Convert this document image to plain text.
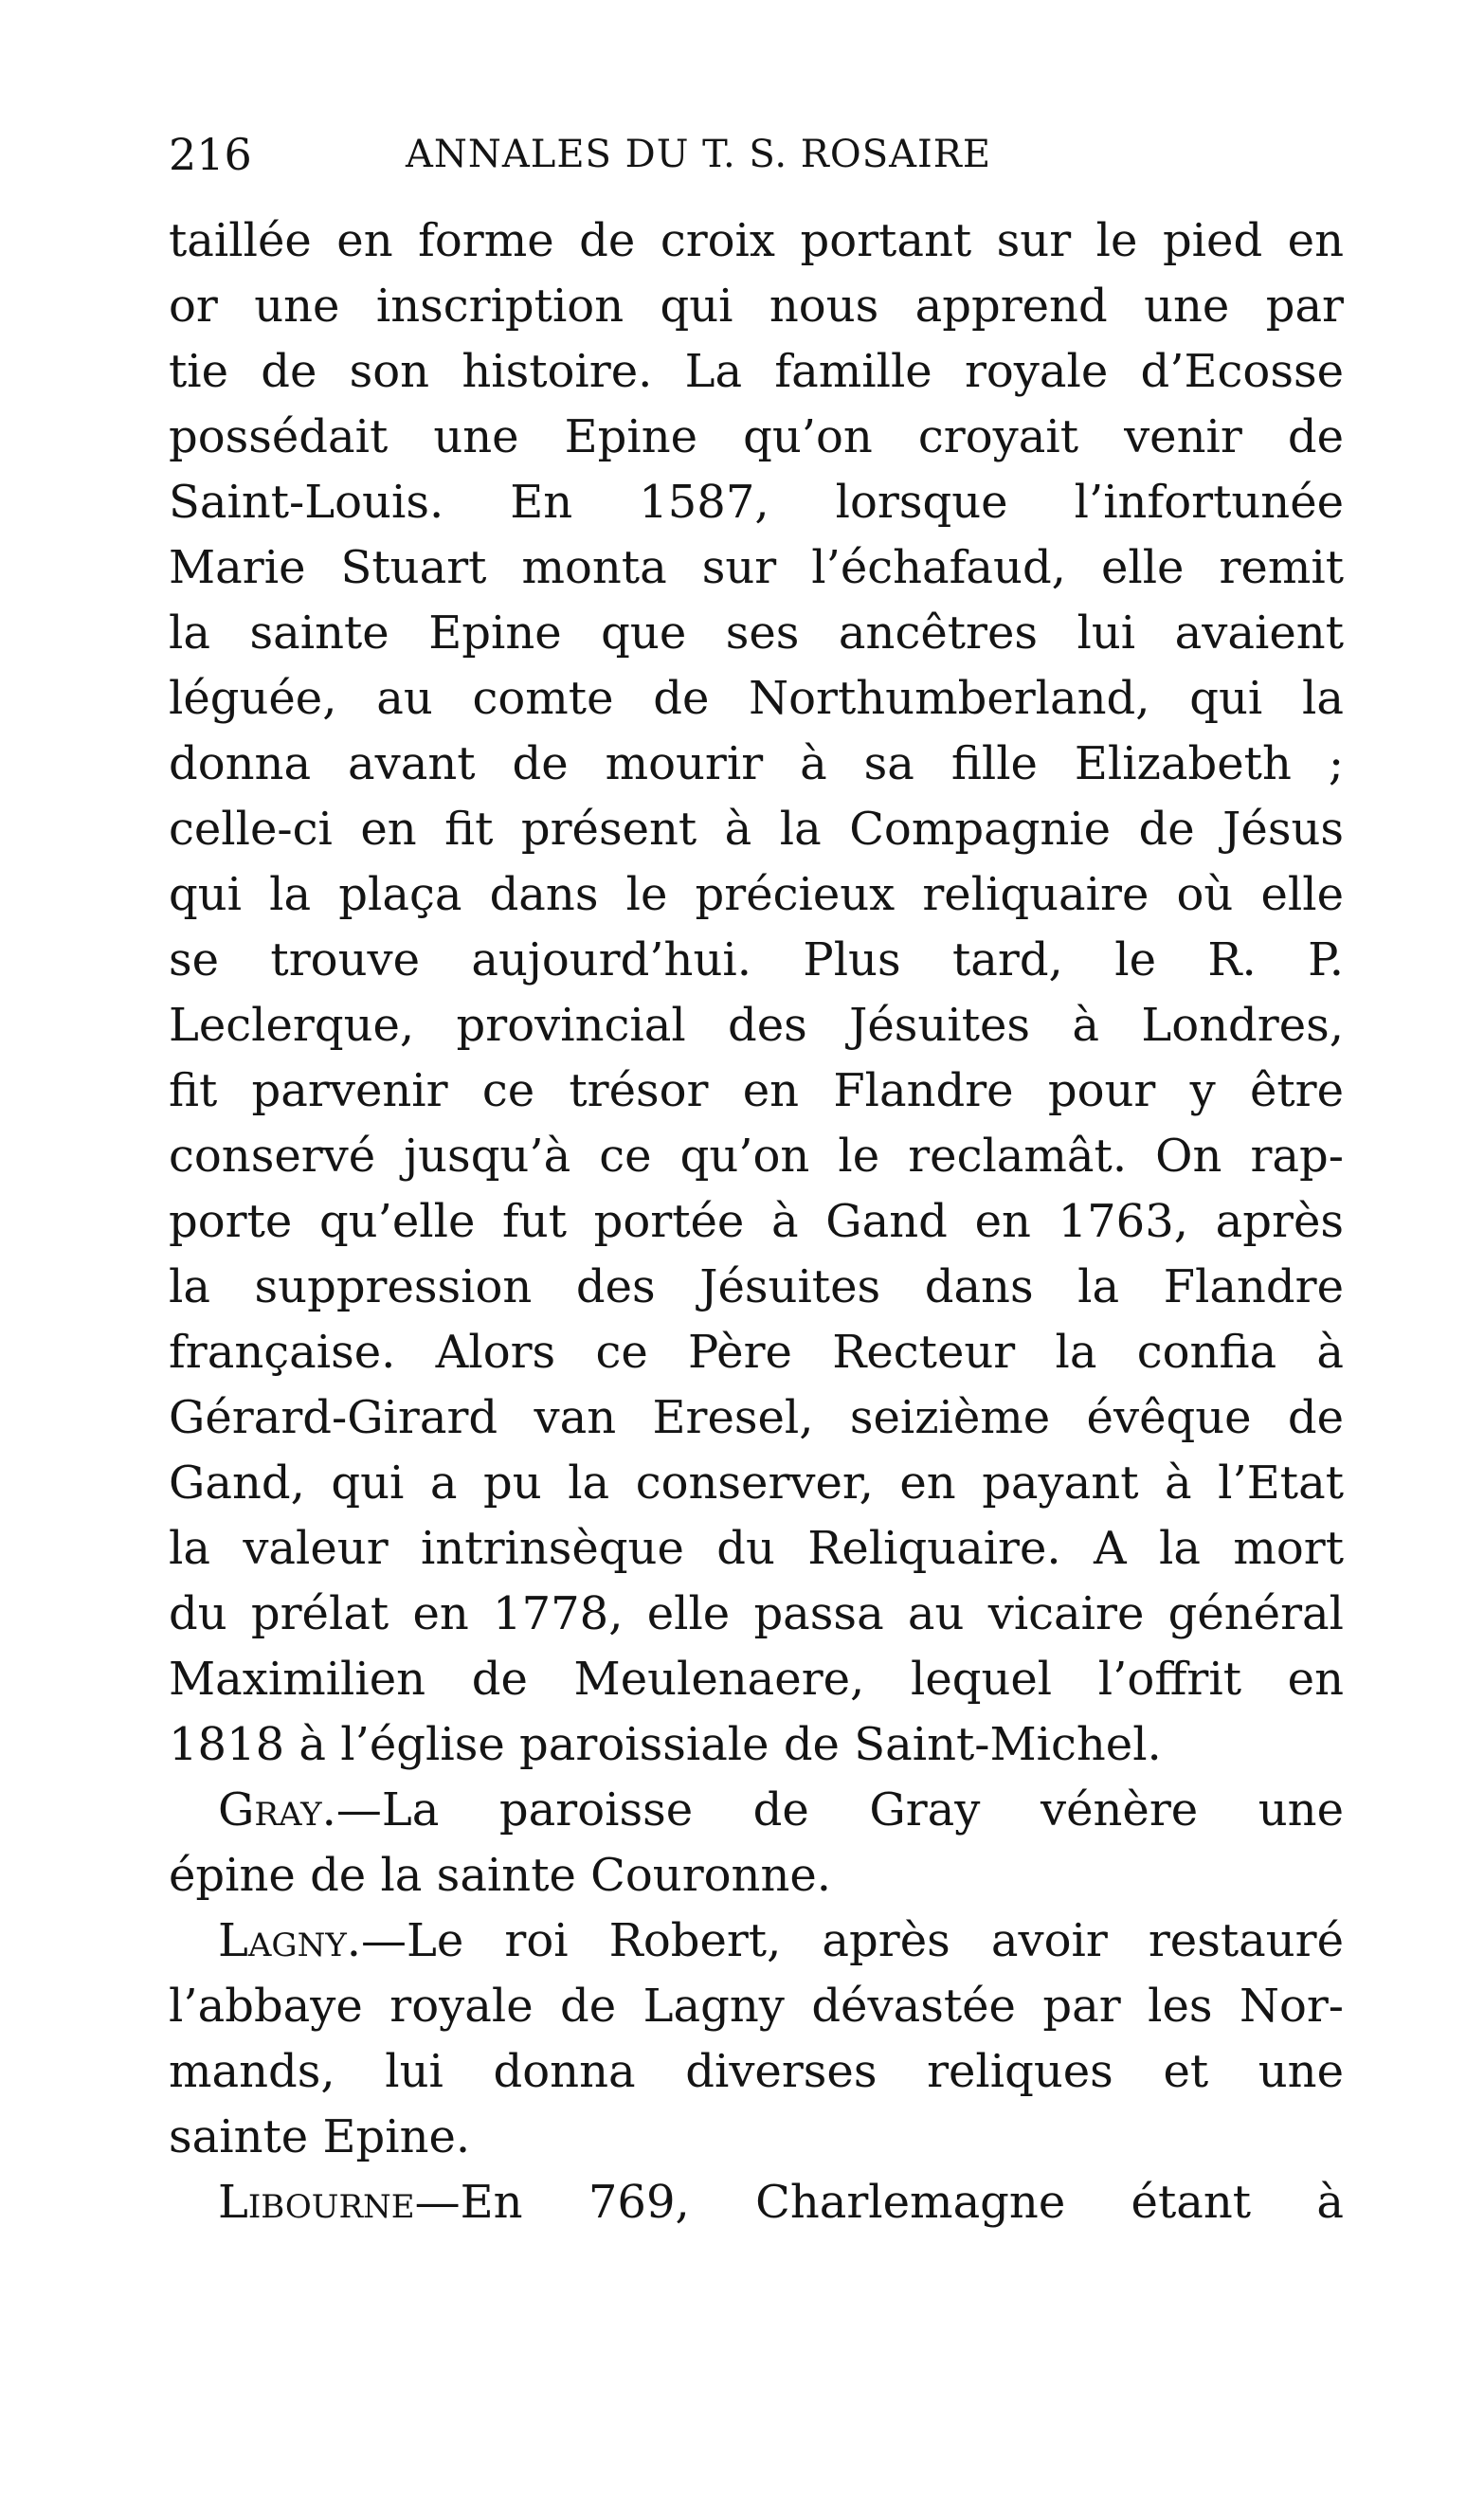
216	ANNALES DU T. S. ROSAIRE
taillée en forme de croix portant sur le pied en
or une inscription qui nous apprend une par
tie de son histoire. La famille royale d’Ecosse
possédait une Epine qu’on croyait venir de
Saint-Louis. En 1587, lorsque l’infortunée
Marie Stuart monta sur l’échafaud, elle remit
la sainte Epine que ses ancêtres lui avaient
léguée, au comte de Northumberland, qui la
donna avant de mourir à sa fille Elizabeth ;
celle-ci en fit présent à la Compagnie de Jésus
qui la plaça dans le précieux reliquaire où elle
se trouve aujourd’hui. Plus tard, le R. P.
Leclerque, provincial des Jésuites à Londres,
fit parvenir ce trésor en Flandre pour y être
conservé jusqu’à ce qu’on le reclamât. On rap-
porte qu’elle fut portée à Gand en 1763, après
la suppression des Jésuites dans la Flandre
française. Alors ce Père Recteur la confia à
Gérard-Girard van Eresel, seizième évêque de
Gand, qui a pu la conserver, en payant à l’Etat
la valeur intrinsèque du Reliquaire. A la mort
du prélat en 1778, elle passa au vicaire général
Maximilien de Meulenaere, lequel l’offrit en
1818 à l’église paroissiale de Saint-Michel.
Gray.—La paroisse de Gray vénère une
épine de la sainte Couronne.
Lagny.—Le roi Robert, après avoir restauré
l’abbaye royale de Lagny dévastée par les Nor-
mands, lui donna diverses reliques et une
sainte Epine.
Libourne—En 769, Charlemagne étant à
